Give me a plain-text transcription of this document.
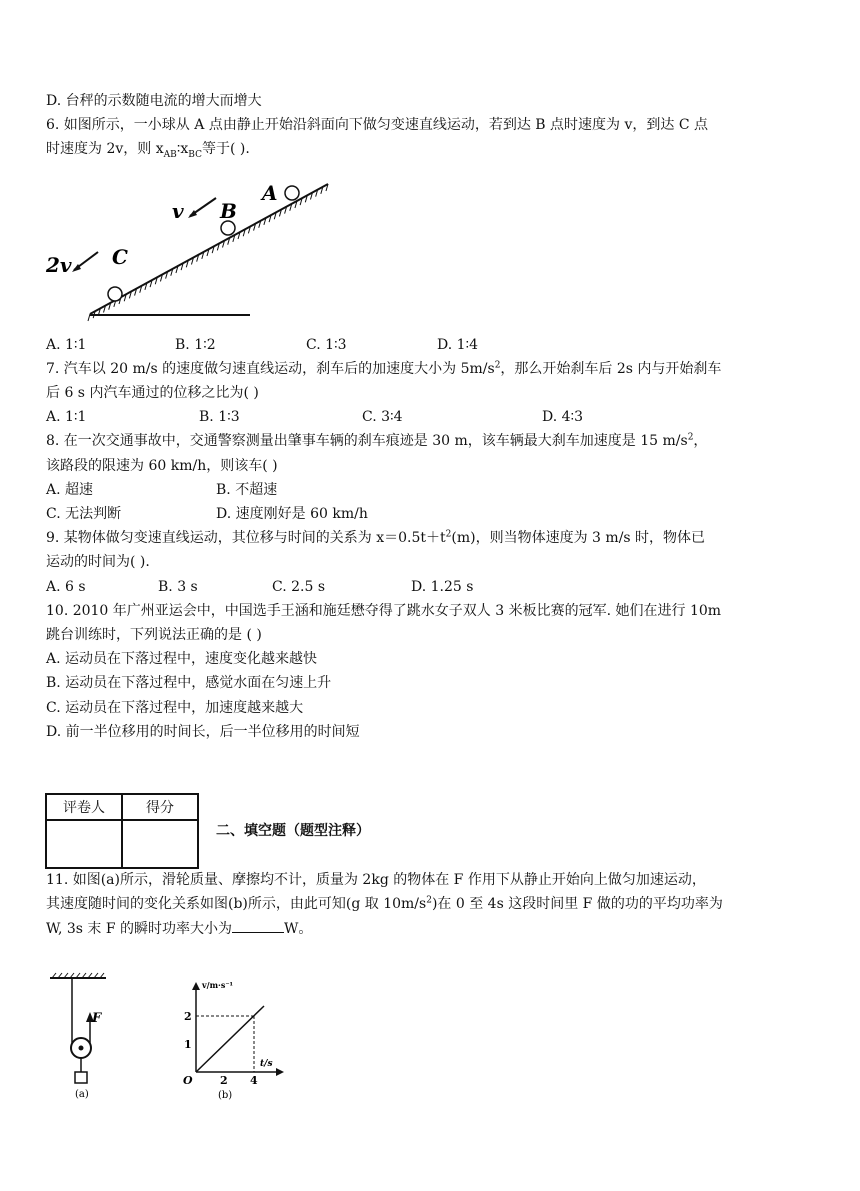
D. 台秤的示数随电流的增大而增大
6. 如图所示，一小球从 A 点由静止开始沿斜面向下做匀变速直线运动，若到达 B 点时速度为 v，到达 C 点
时速度为 2v，则 $x_{AB}∶x_{BC}$等于( ).
A
B
C
v
2v
A. 1∶1	B. 1∶2	C. 1∶3	D. 1∶4
7. 汽车以 20 m/s 的速度做匀速直线运动，刹车后的加速度大小为 $5m/s^2$，那么开始刹车后 2s 内与开始刹车
后 6 s 内汽车通过的位移之比为( )
A. 1∶1	B. 1∶3	C. 3∶4	D. 4∶3
8. 在一次交通事故中，交通警察测量出肇事车辆的刹车痕迹是 30 m，该车辆最大刹车加速度是 15 $m/s^2$，
该路段的限速为 60 km/h，则该车( )
A. 超速	B. 不超速
C. 无法判断	D. 速度刚好是 60 km/h
9. 某物体做匀变速直线运动，其位移与时间的关系为 $x=0.5t+t^2(m)$，则当物体速度为 3 m/s 时，物体已
运动的时间为( ).
A. 6 s	B. 3 s	C. 2.5 s	D. 1.25 s
10. 2010 年广州亚运会中，中国选手王涵和施廷懋夺得了跳水女子双人 3 米板比赛的冠军. 她们在进行 10m
跳台训练时，下列说法正确的是 ( )
A. 运动员在下落过程中，速度变化越来越快
B. 运动员在下落过程中，感觉水面在匀速上升
C. 运动员在下落过程中，加速度越来越大
D. 前一半位移用的时间长，后一半位移用的时间短
评卷人	得分

二、填空题（题型注释）
11. 如图(a)所示，滑轮质量、摩擦均不计，质量为 2kg 的物体在 F 作用下从静止开始向上做匀加速运动，
其速度随时间的变化关系如图(b)所示，由此可知(g 取 $10m/s^2$)在 0 至 4s 这段时间里 F 做的功的平均功率为
W, 3s 末 F 的瞬时功率大小为	W。
F
(a)
v/m·s⁻¹
t/s
2
1
O 2 4
(b)
